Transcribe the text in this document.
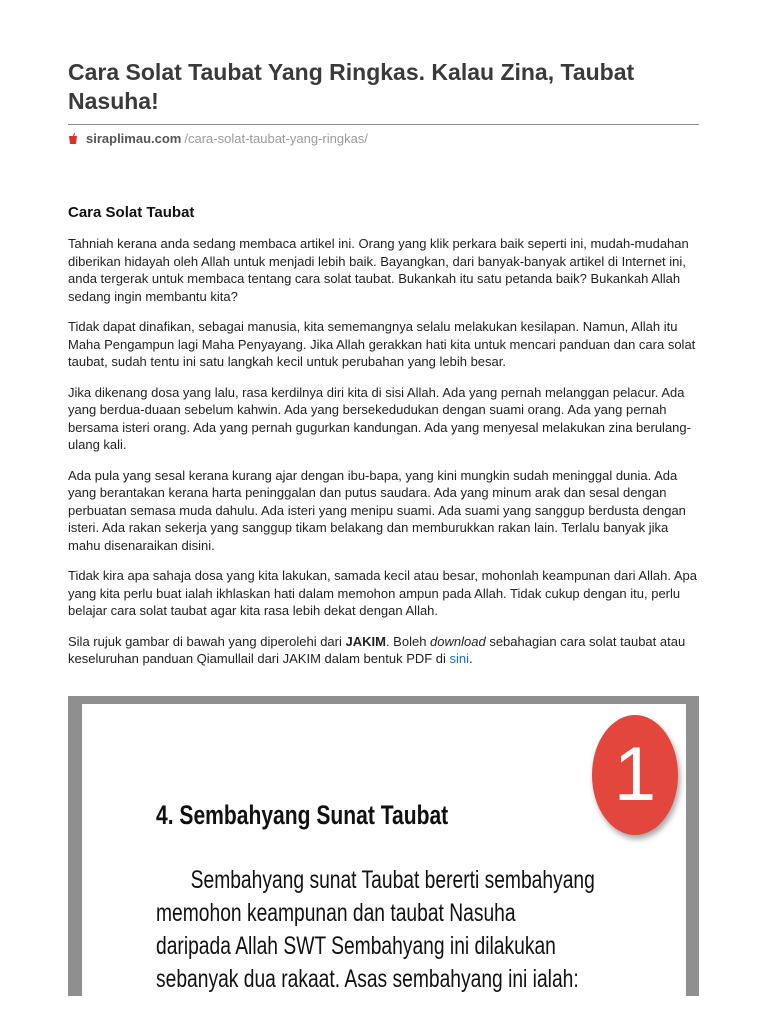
Cara Solat Taubat Yang Ringkas. Kalau Zina, Taubat Nasuha!
siraplimau.com /cara-solat-taubat-yang-ringkas/
Cara Solat Taubat

Tahniah kerana anda sedang membaca artikel ini. Orang yang klik perkara baik seperti ini, mudah-mudahan diberikan hidayah oleh Allah untuk menjadi lebih baik. Bayangkan, dari banyak-banyak artikel di Internet ini, anda tergerak untuk membaca tentang cara solat taubat. Bukankah itu satu petanda baik? Bukankah Allah sedang ingin membantu kita?

Tidak dapat dinafikan, sebagai manusia, kita sememangnya selalu melakukan kesilapan. Namun, Allah itu Maha Pengampun lagi Maha Penyayang. Jika Allah gerakkan hati kita untuk mencari panduan dan cara solat taubat, sudah tentu ini satu langkah kecil untuk perubahan yang lebih besar.

Jika dikenang dosa yang lalu, rasa kerdilnya diri kita di sisi Allah. Ada yang pernah melanggan pelacur. Ada yang berdua-duaan sebelum kahwin. Ada yang bersekedudukan dengan suami orang. Ada yang pernah bersama isteri orang. Ada yang pernah gugurkan kandungan. Ada yang menyesal melakukan zina berulang-ulang kali.

Ada pula yang sesal kerana kurang ajar dengan ibu-bapa, yang kini mungkin sudah meninggal dunia. Ada yang berantakan kerana harta peninggalan dan putus saudara. Ada yang minum arak dan sesal dengan perbuatan semasa muda dahulu. Ada isteri yang menipu suami. Ada suami yang sanggup berdusta dengan isteri. Ada rakan sekerja yang sanggup tikam belakang dan memburukkan rakan lain. Terlalu banyak jika mahu disenaraikan disini.

Tidak kira apa sahaja dosa yang kita lakukan, samada kecil atau besar, mohonlah keampunan dari Allah. Apa yang kita perlu buat ialah ikhlaskan hati dalam memohon ampun pada Allah. Tidak cukup dengan itu, perlu belajar cara solat taubat agar kita rasa lebih dekat dengan Allah.

Sila rujuk gambar di bawah yang diperolehi dari JAKIM. Boleh download sebahagian cara solat taubat atau keseluruhan panduan Qiamullail dari JAKIM dalam bentuk PDF di sini.

1
4. Sembahyang Sunat Taubat
Sembahyang sunat Taubat bererti sembahyang
memohon keampunan dan taubat Nasuha
daripada Allah SWT Sembahyang ini dilakukan
sebanyak dua rakaat. Asas sembahyang ini ialah:
